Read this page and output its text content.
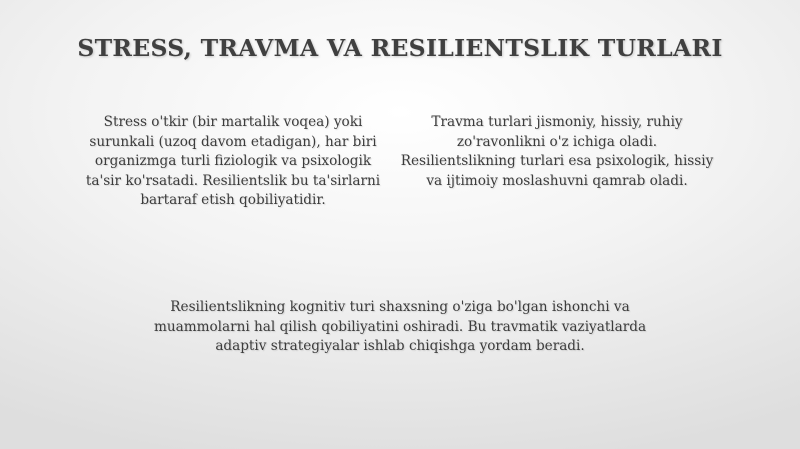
STRESS, TRAVMA VA RESILIENTSLIK TURLARI

Stress o'tkir (bir martalik voqea) yoki surunkali (uzoq davom etadigan), har biri organizmga turli fiziologik va psixologik ta'sir ko'rsatadi. Resilientslik bu ta'sirlarni bartaraf etish qobiliyatidir.

Travma turlari jismoniy, hissiy, ruhiy zo'ravonlikni o'z ichiga oladi. Resilientslikning turlari esa psixologik, hissiy va ijtimoiy moslashuvni qamrab oladi.

Resilientslikning kognitiv turi shaxsning o'ziga bo'lgan ishonchi va muammolarni hal qilish qobiliyatini oshiradi. Bu travmatik vaziyatlarda adaptiv strategiyalar ishlab chiqishga yordam beradi.
